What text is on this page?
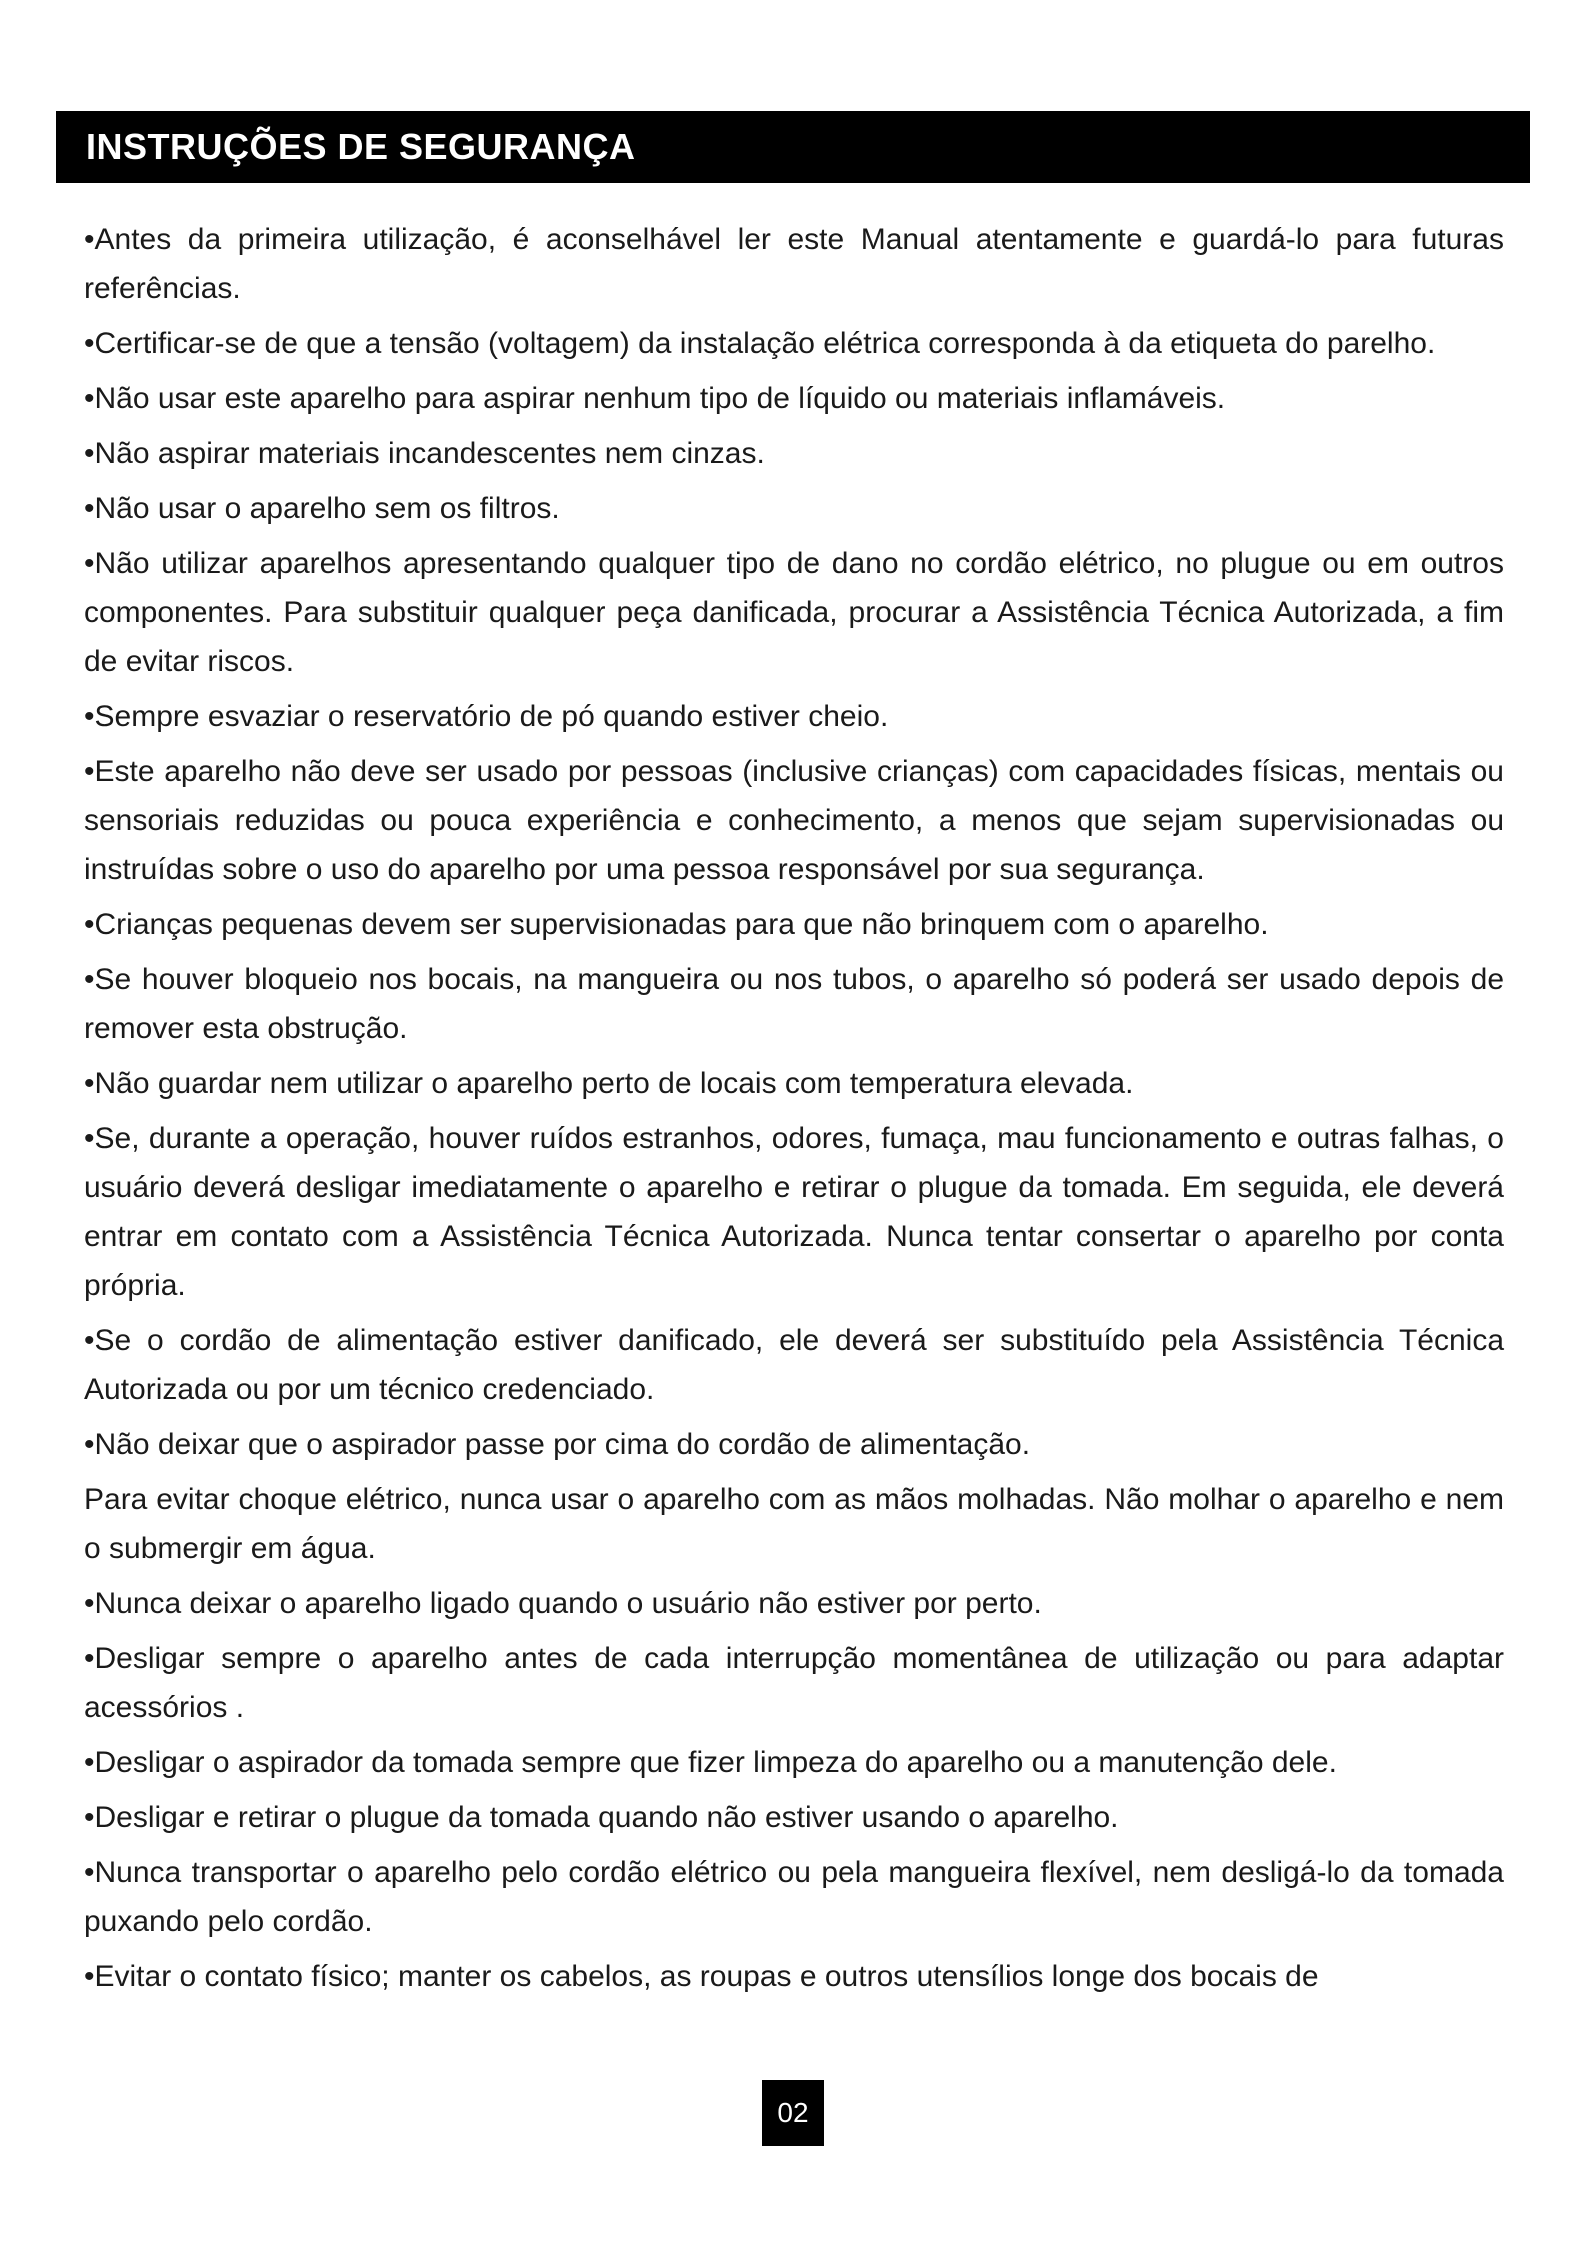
INSTRUÇÕES DE SEGURANÇA

•Antes da primeira utilização, é aconselhável ler este Manual atentamente e guardá-lo para futuras referências.

•Certificar-se de que a tensão (voltagem) da instalação elétrica corresponda à da etiqueta do parelho.

•Não usar este aparelho para aspirar nenhum tipo de líquido ou materiais inflamáveis.

•Não aspirar materiais incandescentes nem cinzas.

•Não usar o aparelho sem os filtros.

•Não utilizar aparelhos apresentando qualquer tipo de dano no cordão elétrico, no plugue ou em outros componentes. Para substituir qualquer peça danificada, procurar a Assistência Técnica Autorizada, a fim de evitar riscos.

•Sempre esvaziar o reservatório de pó quando estiver cheio.

•Este aparelho não deve ser usado por pessoas (inclusive crianças) com capacidades físicas, mentais ou sensoriais reduzidas ou pouca experiência e conhecimento, a menos que sejam supervisionadas ou instruídas sobre o uso do aparelho por uma pessoa responsável por sua segurança.

•Crianças pequenas devem ser supervisionadas para que não brinquem com o aparelho.

•Se houver bloqueio nos bocais, na mangueira ou nos tubos, o aparelho só poderá ser usado depois de remover esta obstrução.

•Não guardar nem utilizar o aparelho perto de locais com temperatura elevada.

•Se, durante a operação, houver ruídos estranhos, odores, fumaça, mau funcionamento e outras falhas, o usuário deverá desligar imediatamente o aparelho e retirar o plugue da tomada. Em seguida, ele deverá entrar em contato com a Assistência Técnica Autorizada. Nunca tentar consertar o aparelho por conta própria.

•Se o cordão de alimentação estiver danificado, ele deverá ser substituído pela Assistência Técnica Autorizada ou por um técnico credenciado.

•Não deixar que o aspirador passe por cima do cordão de alimentação.

Para evitar choque elétrico, nunca usar o aparelho com as mãos molhadas. Não molhar o aparelho e nem o submergir em água.

•Nunca deixar o aparelho ligado quando o usuário não estiver por perto.

•Desligar sempre o aparelho antes de cada interrupção momentânea de utilização ou para adaptar acessórios .

•Desligar o aspirador da tomada sempre que fizer limpeza do aparelho ou a manutenção dele.

•Desligar e retirar o plugue da tomada quando não estiver usando o aparelho.

•Nunca transportar o aparelho pelo cordão elétrico ou pela mangueira flexível, nem desligá-lo da tomada puxando pelo cordão.

•Evitar o contato físico; manter os cabelos, as roupas e outros utensílios longe dos bocais de

02
